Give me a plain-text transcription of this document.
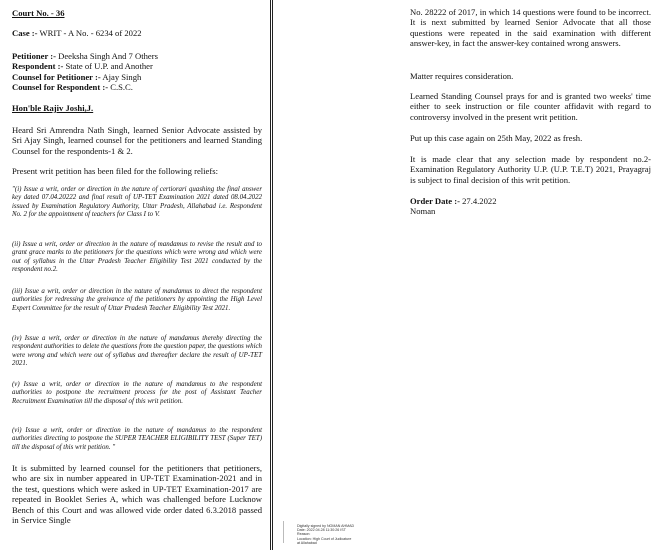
Court No. - 36
Case :- WRIT - A No. - 6234 of 2022
Petitioner :- Deeksha Singh And 7 Others
Respondent :- State of U.P. and Another
Counsel for Petitioner :- Ajay Singh
Counsel for Respondent :- C.S.C.
Hon'ble Rajiv Joshi,J.

Heard Sri Amrendra Nath Singh, learned Senior Advocate assisted by Sri Ajay Singh, learned counsel for the petitioners and learned Standing Counsel for the respondents-1 & 2.

Present writ petition has been filed for the following reliefs:

"(i) Issue a writ, order or direction in the nature of certiorari quashing the final answer key dated 07.04.20222 and final result of UP-TET Examination 2021 dated 08.04.2022 issued by Examination Regulatory Authority, Uttar Pradesh, Allahabad i.e. Respondent No. 2 for the appointment of teachers for Class I to V.

(ii) Issue a writ, order or direction in the nature of mandamus to revise the result and to grant grace marks to the petitioners for the questions which were wrong and which were out of syllabus in the Uttar Pradesh Teacher Eligibility Test 2021 conducted by the respondent no.2.

(iii) Issue a writ, order or direction in the nature of mandamus to direct the respondent authorities for redressing the greivance of the petitioners by appointing the High Level Expert Committee for the result of Uttar Pradesh Teacher Eligibility Test 2021.

(iv) Issue a writ, order or direction in the nature of mandamus thereby directing the respondent authorities to delete the questions from the question paper, the questions which were wrong and which were out of syllabus and thereafter declare the result of UP-TET 2021.

(v) Issue a writ, order or direction in the nature of mandamus to the respondent authorities to postpone the recruitment process for the post of Assistant Teacher Recruitment Examination till the disposal of this writ petition.

(vi) Issue a writ, order or direction in the nature of mandamus to the respondent authorities directing to postpone the SUPER TEACHER ELIGIBILITY TEST (Super TET) till the disposal of this writ petition. "

It is submitted by learned counsel for the petitioners that petitioners, who are six in number appeared in UP-TET Examination-2021 and in the test, questions which were asked in UP-TET Examination-2017 are repeated in Booklet Series A, which was challenged before Lucknow Bench of this Court and was allowed vide order dated 6.3.2018 passed in Service Single

No. 28222 of 2017, in which 14 questions were found to be incorrect. It is next submitted by learned Senior Advocate that all those questions were repeated in the said examination with different answer-key, in fact the answer-key contained wrong answers.

Matter requires consideration.

Learned Standing Counsel prays for and is granted two weeks' time either to seek instruction or file counter affidavit with regard to controversy involved in the present writ petition.

Put up this case again on 25th May, 2022 as fresh.

It is made clear that any selection made by respondent no.2- Examination Regulatory Authority U.P. (U.P. T.E.T) 2021, Prayagraj is subject to final decision of this writ petition.

Order Date :- 27.4.2022
Noman
Digitally signed by NOMAN AHMAD
Date: 2022.04.28 11:30:26 IST
Reason:
Location: High Court of Judicature
at Allahabad
